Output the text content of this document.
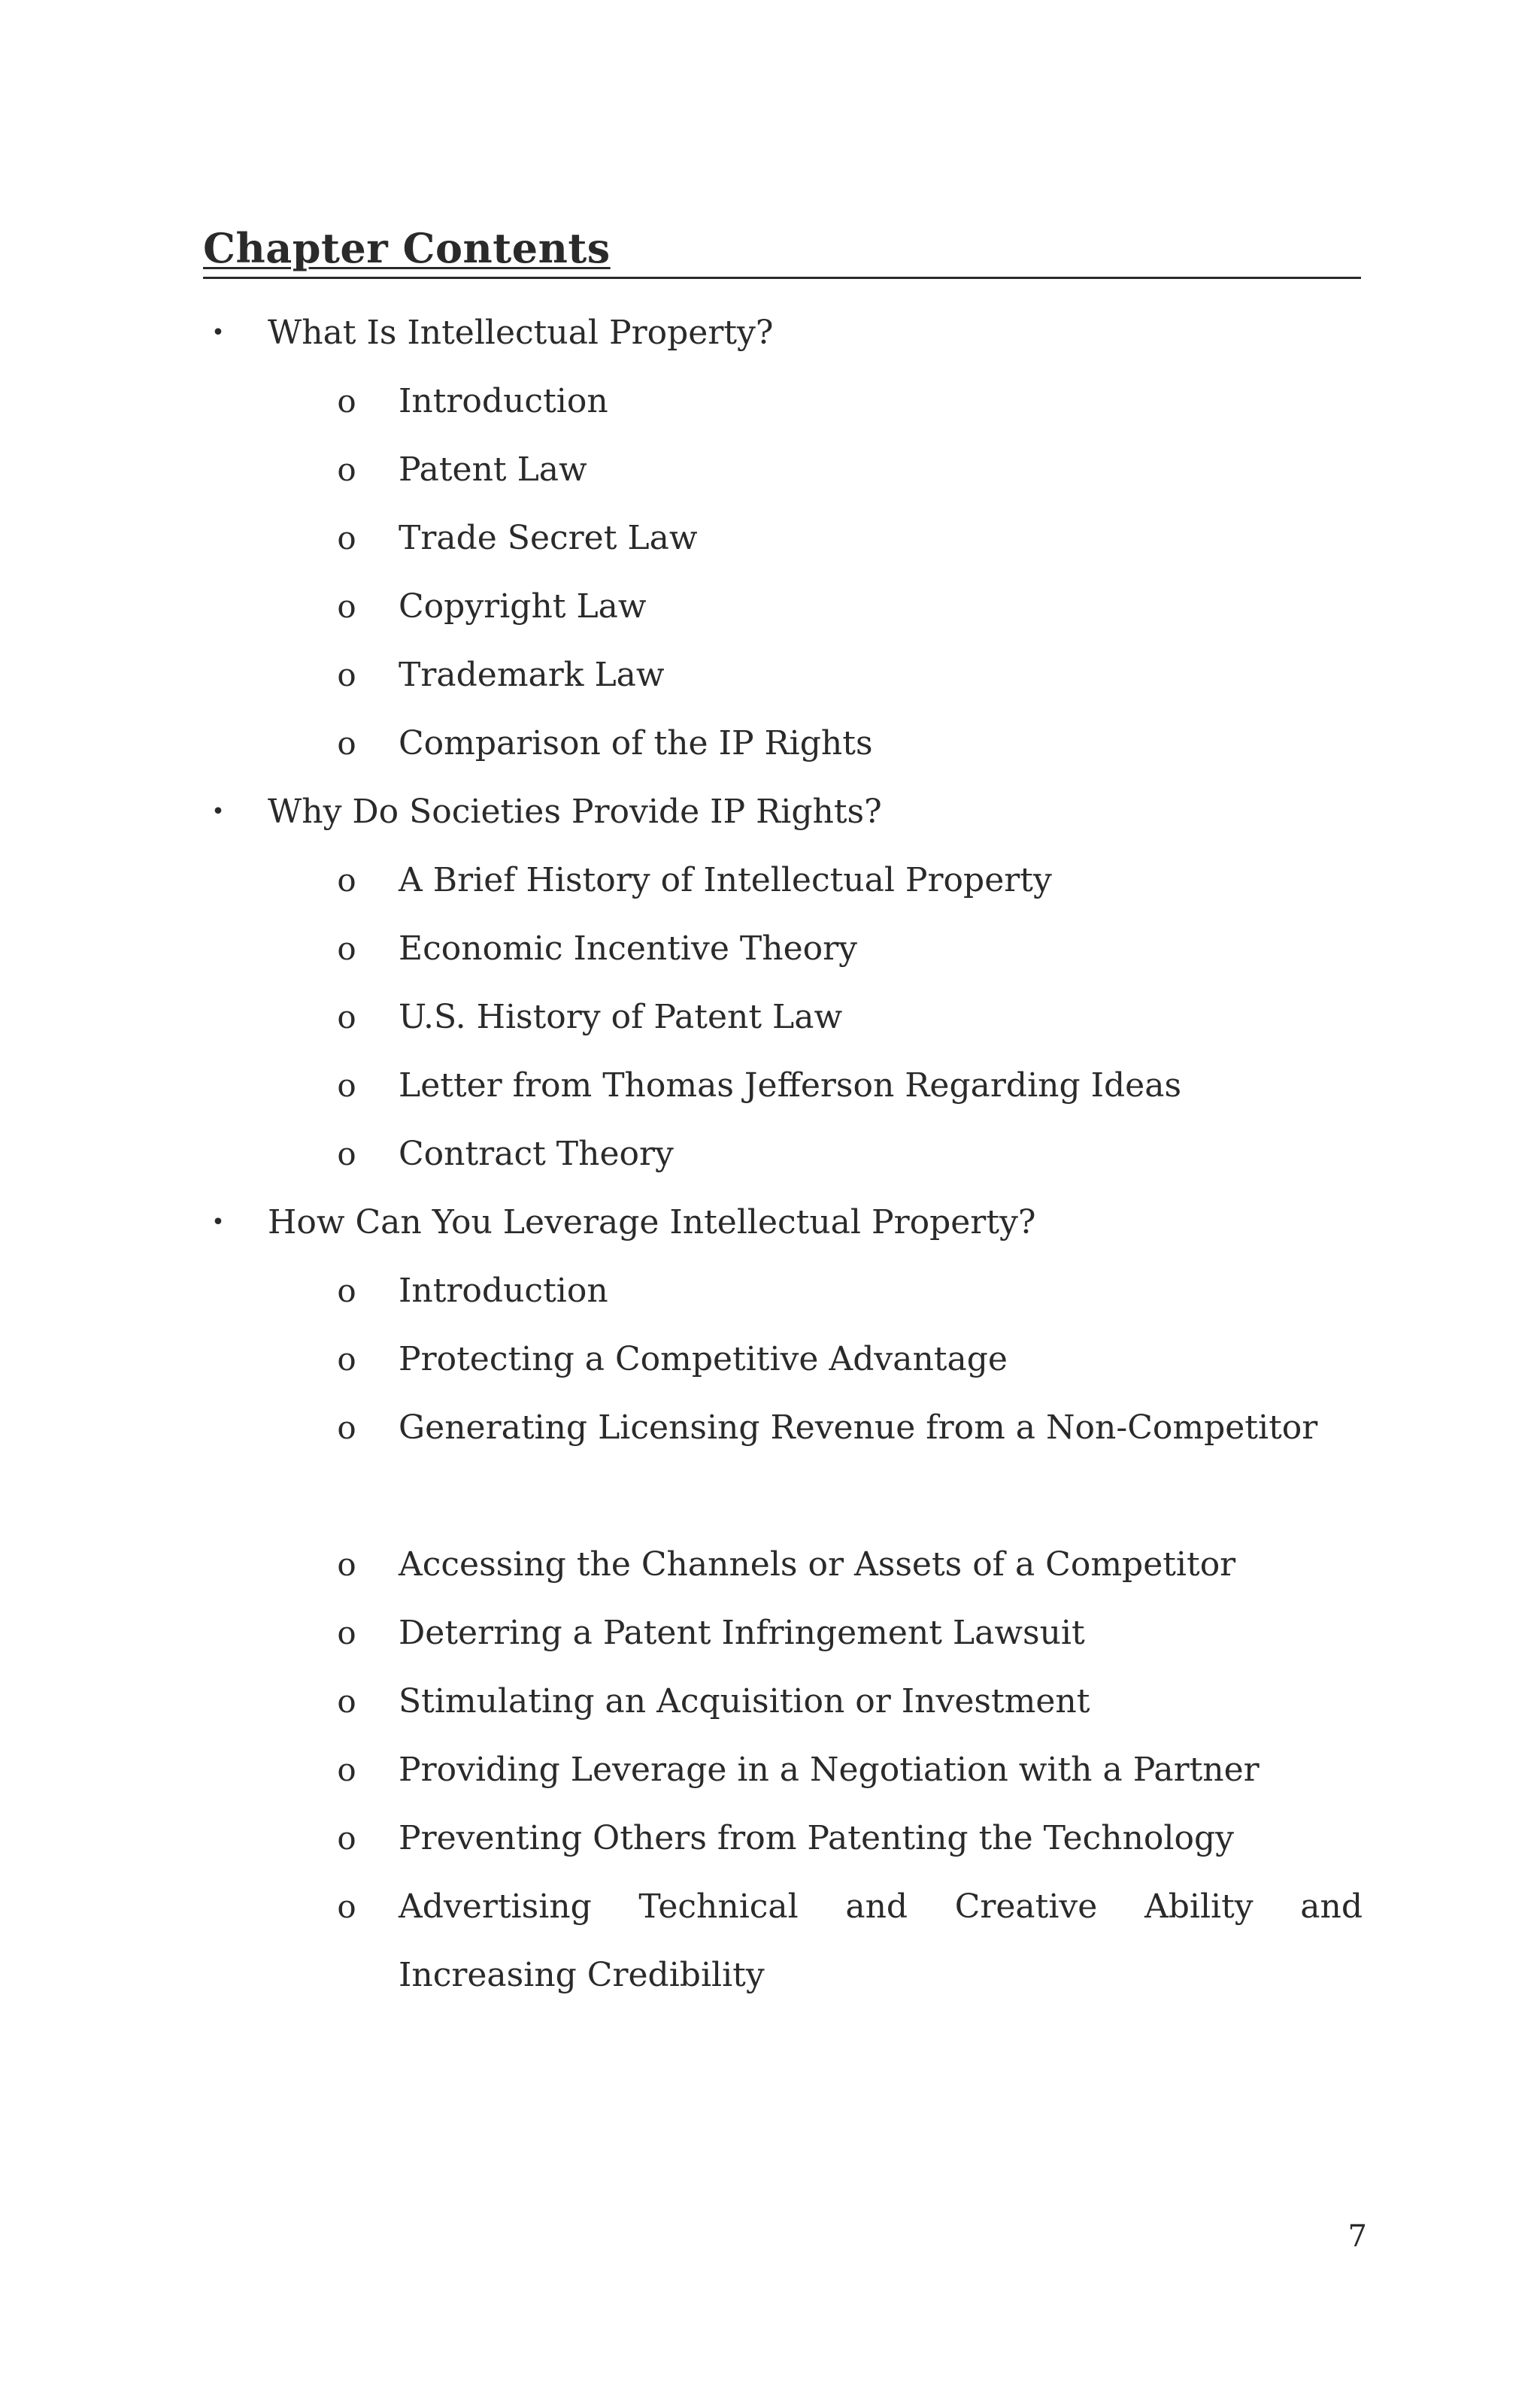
Chapter Contents
• What Is Intellectual Property?
o Introduction
o Patent Law
o Trade Secret Law
o Copyright Law
o Trademark Law
o Comparison of the IP Rights
• Why Do Societies Provide IP Rights?
o A Brief History of Intellectual Property
o Economic Incentive Theory
o U.S. History of Patent Law
o Letter from Thomas Jefferson Regarding Ideas
o Contract Theory
• How Can You Leverage Intellectual Property?
o Introduction
o Protecting a Competitive Advantage
o Generating Licensing Revenue from a Non-Competitor
o Accessing the Channels or Assets of a Competitor
o Deterring a Patent Infringement Lawsuit
o Stimulating an Acquisition or Investment
o Providing Leverage in a Negotiation with a Partner
o Preventing Others from Patenting the Technology
o Advertising Technical and Creative Ability and Increasing Credibility
7
